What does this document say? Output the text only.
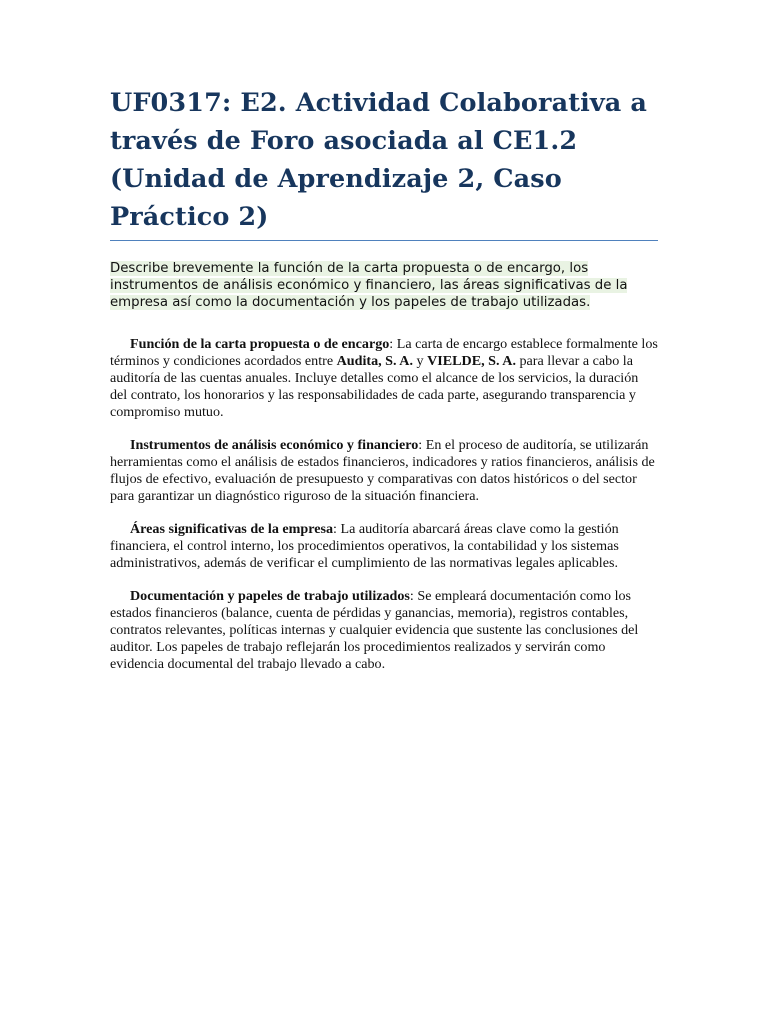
UF0317: E2. Actividad Colaborativa a través de Foro asociada al CE1.2 (Unidad de Aprendizaje 2, Caso Práctico 2)
Describe brevemente la función de la carta propuesta o de encargo, los instrumentos de análisis económico y financiero, las áreas significativas de la empresa así como la documentación y los papeles de trabajo utilizadas.

Función de la carta propuesta o de encargo: La carta de encargo establece formalmente los términos y condiciones acordados entre Audita, S. A. y VIELDE, S. A. para llevar a cabo la auditoría de las cuentas anuales. Incluye detalles como el alcance de los servicios, la duración del contrato, los honorarios y las responsabilidades de cada parte, asegurando transparencia y compromiso mutuo.

Instrumentos de análisis económico y financiero: En el proceso de auditoría, se utilizarán herramientas como el análisis de estados financieros, indicadores y ratios financieros, análisis de flujos de efectivo, evaluación de presupuesto y comparativas con datos históricos o del sector para garantizar un diagnóstico riguroso de la situación financiera.

Áreas significativas de la empresa: La auditoría abarcará áreas clave como la gestión financiera, el control interno, los procedimientos operativos, la contabilidad y los sistemas administrativos, además de verificar el cumplimiento de las normativas legales aplicables.

Documentación y papeles de trabajo utilizados: Se empleará documentación como los estados financieros (balance, cuenta de pérdidas y ganancias, memoria), registros contables, contratos relevantes, políticas internas y cualquier evidencia que sustente las conclusiones del auditor. Los papeles de trabajo reflejarán los procedimientos realizados y servirán como evidencia documental del trabajo llevado a cabo.
